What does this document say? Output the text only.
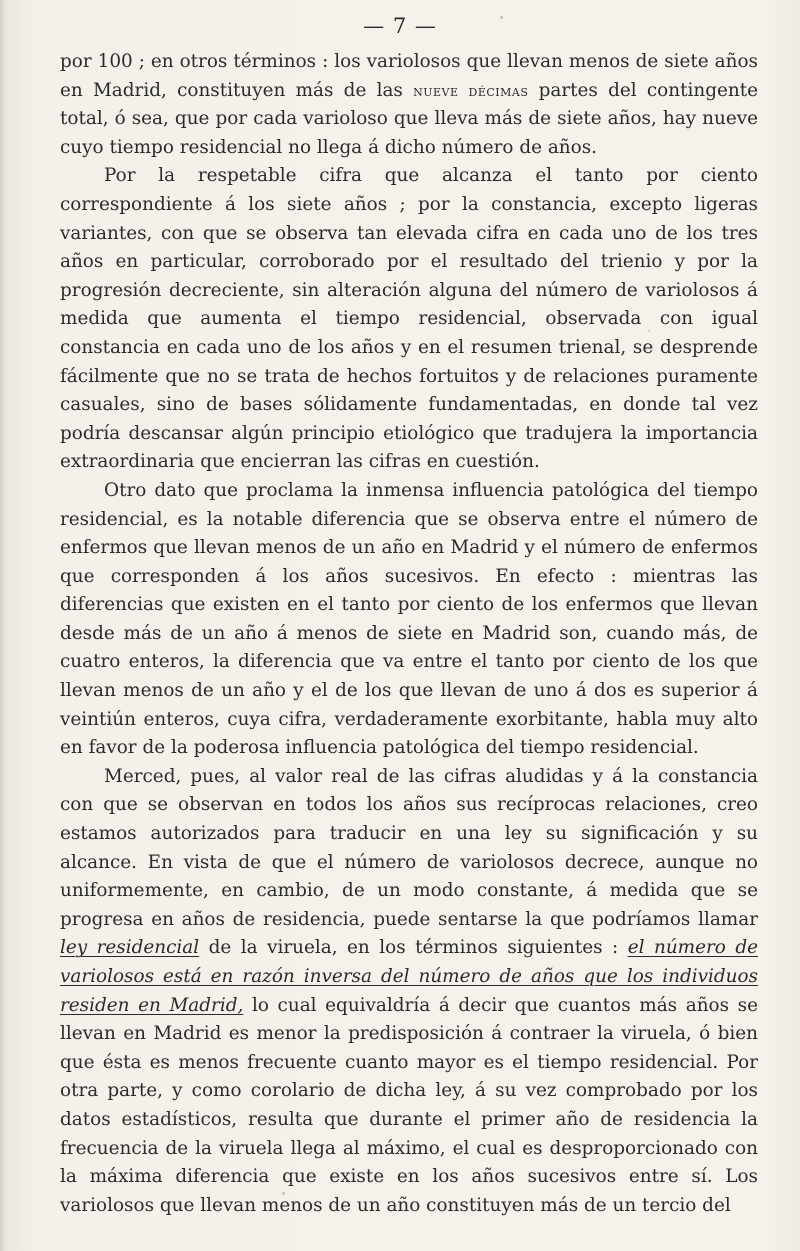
— 7 —

por 100 ; en otros términos : los variolosos que llevan menos de siete años en Madrid, constituyen más de las nueve décimas partes del contingente total, ó sea, que por cada varioloso que lleva más de siete años, hay nueve cuyo tiempo residencial no llega á dicho número de años.

Por la respetable cifra que alcanza el tanto por ciento correspondiente á los siete años ; por la constancia, excepto ligeras variantes, con que se observa tan elevada cifra en cada uno de los tres años en particular, corroborado por el resultado del trienio y por la progresión decreciente, sin alteración alguna del número de variolosos á medida que aumenta el tiempo residencial, observada con igual constancia en cada uno de los años y en el resumen trienal, se desprende fácilmente que no se trata de hechos fortuitos y de relaciones puramente casuales, sino de bases sólidamente fundamentadas, en donde tal vez podría descansar algún principio etiológico que tradujera la importancia extraordinaria que encierran las cifras en cuestión.

Otro dato que proclama la inmensa influencia patológica del tiempo residencial, es la notable diferencia que se observa entre el número de enfermos que llevan menos de un año en Madrid y el número de enfermos que corresponden á los años sucesivos. En efecto : mientras las diferencias que existen en el tanto por ciento de los enfermos que llevan desde más de un año á menos de siete en Madrid son, cuando más, de cuatro enteros, la diferencia que va entre el tanto por ciento de los que llevan menos de un año y el de los que llevan de uno á dos es superior á veintiún enteros, cuya cifra, verdaderamente exorbitante, habla muy alto en favor de la poderosa influencia patológica del tiempo residencial.

Merced, pues, al valor real de las cifras aludidas y á la constancia con que se observan en todos los años sus recíprocas relaciones, creo estamos autorizados para traducir en una ley su significación y su alcance. En vista de que el número de variolosos decrece, aunque no uniformemente, en cambio, de un modo constante, á medida que se progresa en años de residencia, puede sentarse la que podríamos llamar ley residencial de la viruela, en los términos siguientes : el número de variolosos está en razón inversa del número de años que los individuos residen en Madrid, lo cual equivaldría á decir que cuantos más años se llevan en Madrid es menor la predisposición á contraer la viruela, ó bien que ésta es menos frecuente cuanto mayor es el tiempo residencial. Por otra parte, y como corolario de dicha ley, á su vez comprobado por los datos estadísticos, resulta que durante el primer año de residencia la frecuencia de la viruela llega al máximo, el cual es desproporcionado con la máxima diferencia que existe en los años sucesivos entre sí. Los variolosos que llevan menos de un año constituyen más de un tercio del
